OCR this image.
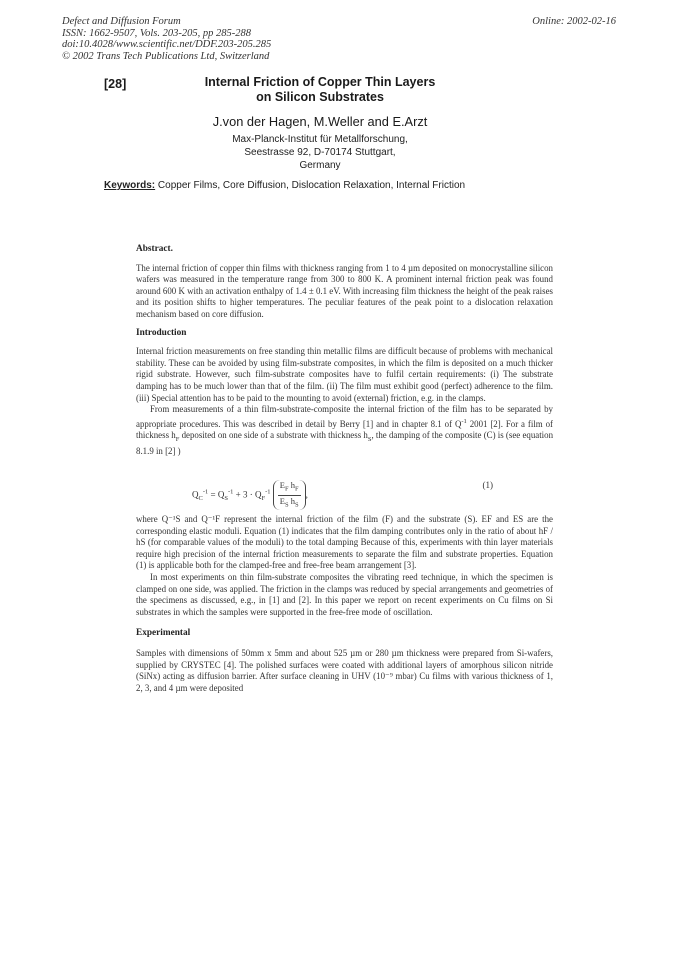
Defect and Diffusion Forum
ISSN: 1662-9507, Vols. 203-205, pp 285-288
doi:10.4028/www.scientific.net/DDF.203-205.285
© 2002 Trans Tech Publications Ltd, Switzerland
Online: 2002-02-16
[28]	Internal Friction of Copper Thin Layers
on Silicon Substrates
J.von der Hagen, M.Weller and E.Arzt
Max-Planck-Institut für Metallforschung,
Seestrasse 92, D-70174 Stuttgart,
Germany
Keywords: Copper Films, Core Diffusion, Dislocation Relaxation, Internal Friction
Abstract.

The internal friction of copper thin films with thickness ranging from 1 to 4 µm deposited on monocrystalline silicon wafers was measured in the temperature range from 300 to 800 K. A prominent internal friction peak was found around 600 K with an activation enthalpy of 1.4 ± 0.1 eV. With increasing film thickness the height of the peak raises and its position shifts to higher temperatures. The peculiar features of the peak point to a dislocation relaxation mechanism based on core diffusion.

Introduction

Internal friction measurements on free standing thin metallic films are difficult because of problems with mechanical stability. These can be avoided by using film-substrate composites, in which the film is deposited on a much thicker rigid substrate. However, such film-substrate composites have to fulfil certain requirements: (i) The substrate damping has to be much lower than that of the film. (ii) The film must exhibit good (perfect) adherence to the film. (iii) Special attention has to be paid to the mounting to avoid (external) friction, e.g. in the clamps.

From measurements of a thin film-substrate-composite the internal friction of the film has to be separated by appropriate procedures. This was described in detail by Berry [1] and in chapter 8.1 of $Q^{-1}$ 2001 [2]. For a film of thickness $h_F$ deposited on one side of a substrate with thickness $h_S$, the damping of the composite (C) is (see equation 8.1.9 in [2] )

$Q_C^{-1} = Q_S^{-1} + 3 \cdot Q_F^{-1} \frac{E_F h_F}{E_S h_S}$ ,
(1)

where Q⁻¹S and Q⁻¹F represent the internal friction of the film (F) and the substrate (S). EF and ES are the corresponding elastic moduli. Equation (1) indicates that the film damping contributes only in the ratio of about hF / hS (for comparable values of the moduli) to the total damping Because of this, experiments with thin layer materials require high precision of the internal friction measurements to separate the film and substrate properties. Equation (1) is applicable both for the clamped-free and free-free beam arrangement [3].

In most experiments on thin film-substrate composites the vibrating reed technique, in which the specimen is clamped on one side, was applied. The friction in the clamps was reduced by special arrangements and geometries of the specimens as discussed, e.g., in [1] and [2]. In this paper we report on recent experiments on Cu films on Si substrates in which the samples were supported in the free-free mode of oscillation.

Experimental

Samples with dimensions of 50mm x 5mm and about 525 µm or 280 µm thickness were prepared from Si-wafers, supplied by CRYSTEC [4]. The polished surfaces were coated with additional layers of amorphous silicon nitride (SiNx) acting as diffusion barrier. After surface cleaning in UHV (10⁻⁹ mbar) Cu films with various thickness of 1, 2, 3, and 4 µm were deposited
